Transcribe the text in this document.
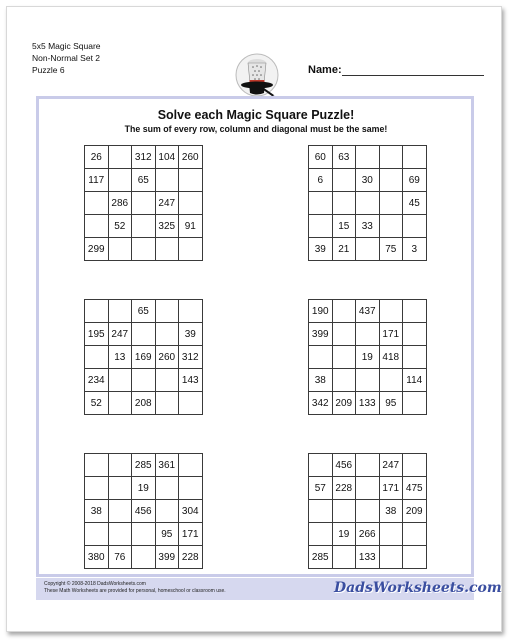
5x5 Magic Square
Non-Normal Set 2
Puzzle 6	Name:
Solve each Magic Square Puzzle!
The sum of every row, column and diagonal must be the same!
26		312	104	260
117		65		
	286		247	
	52		325	91
299				
60	63			
6		30		69
				45
	15	33		
39	21		75	3
		65		
195	247			39
	13	169	260	312
234				143
52		208		
190		437		
399			171	
		19	418	
38				114
342	209	133	95	
		285	361	
		19		
38		456		304
			95	171
380	76		399	228
	456		247	
57	228		171	475
			38	209
	19	266		
285		133		
Copyright © 2008-2018 DadsWorksheets.com
These Math Worksheets are provided for personal, homeschool or classroom use.	DadsWorksheets.com
